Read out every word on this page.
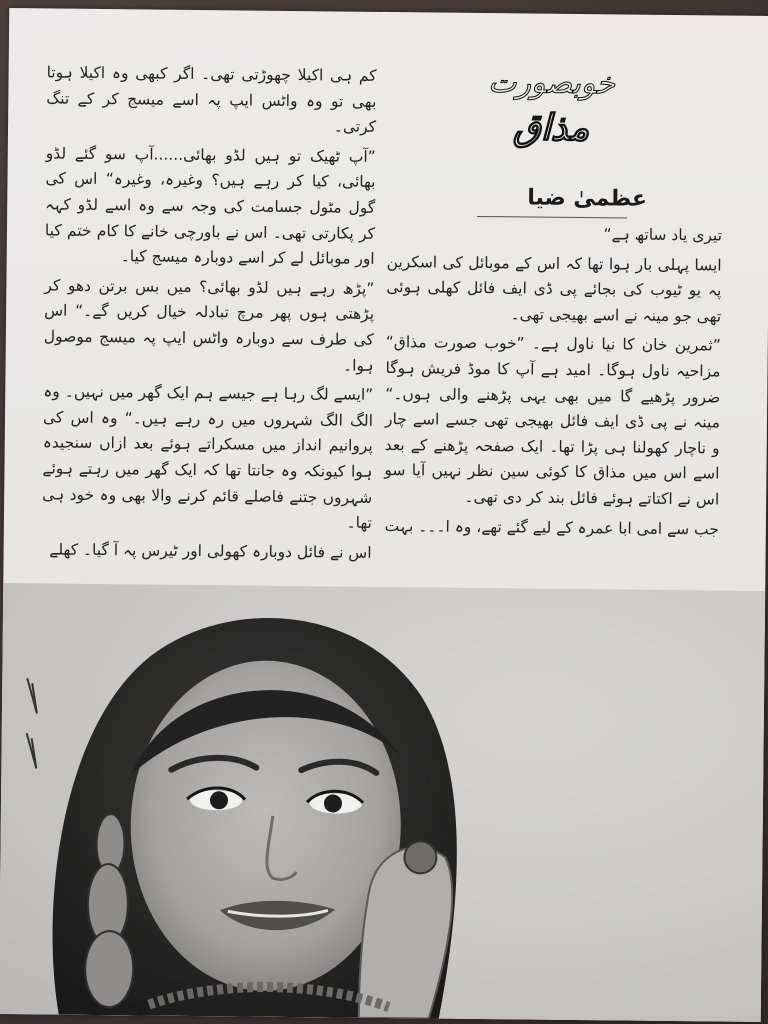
خوبصورت
مذاق
عظمیٰ ضیا

کم ہی اکیلا چھوڑتی تھی۔ اگر کبھی وہ اکیلا ہوتا بھی تو وہ واٹس ایپ پہ اسے میسج کر کے تنگ کرتی۔

”آپ ٹھیک تو ہیں لڈو بھائی......آپ سو گئے لڈو بھائی، کیا کر رہے ہیں؟ وغیرہ، وغیرہ“ اس کی گول مٹول جسامت کی وجہ سے وہ اسے لڈو کہہ کر پکارتی تھی۔ اس نے باورچی خانے کا کام ختم کیا اور موبائل لے کر اسے دوبارہ میسج کیا۔

”پڑھ رہے ہیں لڈو بھائی؟ میں بس برتن دھو کر پڑھتی ہوں پھر مرچ تبادلہ خیال کریں گے۔“ اس کی طرف سے دوبارہ واٹس ایپ پہ میسج موصول ہوا۔

”ایسے لگ رہا ہے جیسے ہم ایک گھر میں نہیں۔ وہ الگ الگ شہروں میں رہ رہے ہیں۔“ وہ اس کی پروانیم انداز میں مسکراتے ہوئے بعد ازاں سنجیدہ ہوا کیونکہ وہ جانتا تھا کہ ایک گھر میں رہتے ہوئے شہروں جتنے فاصلے قائم کرنے والا بھی وہ خود ہی تھا۔

اس نے فائل دوبارہ کھولی اور ٹیرس پہ آ گیا۔ کھلے

تیری یاد ساتھ ہے“

ایسا پہلی بار ہوا تھا کہ اس کے موبائل کی اسکرین پہ یو ٹیوب کی بجائے پی ڈی ایف فائل کھلی ہوئی تھی جو مینہ نے اسے بھیجی تھی۔

”ثمرین خان کا نیا ناول ہے۔ ”خوب صورت مذاق“ مزاحیہ ناول ہوگا۔ امید ہے آپ کا موڈ فریش ہوگا ضرور پڑھیے گا میں بھی یہی پڑھنے والی ہوں۔“ مینہ نے پی ڈی ایف فائل بھیجی تھی جسے اسے چار و ناچار کھولنا ہی پڑا تھا۔ ایک صفحہ پڑھنے کے بعد اسے اس میں مذاق کا کوئی سین نظر نہیں آیا سو اس نے اکتاتے ہوئے فائل بند کر دی تھی۔

جب سے امی ابا عمرہ کے لیے گئے تھے، وہ ا۔۔۔ بہت
